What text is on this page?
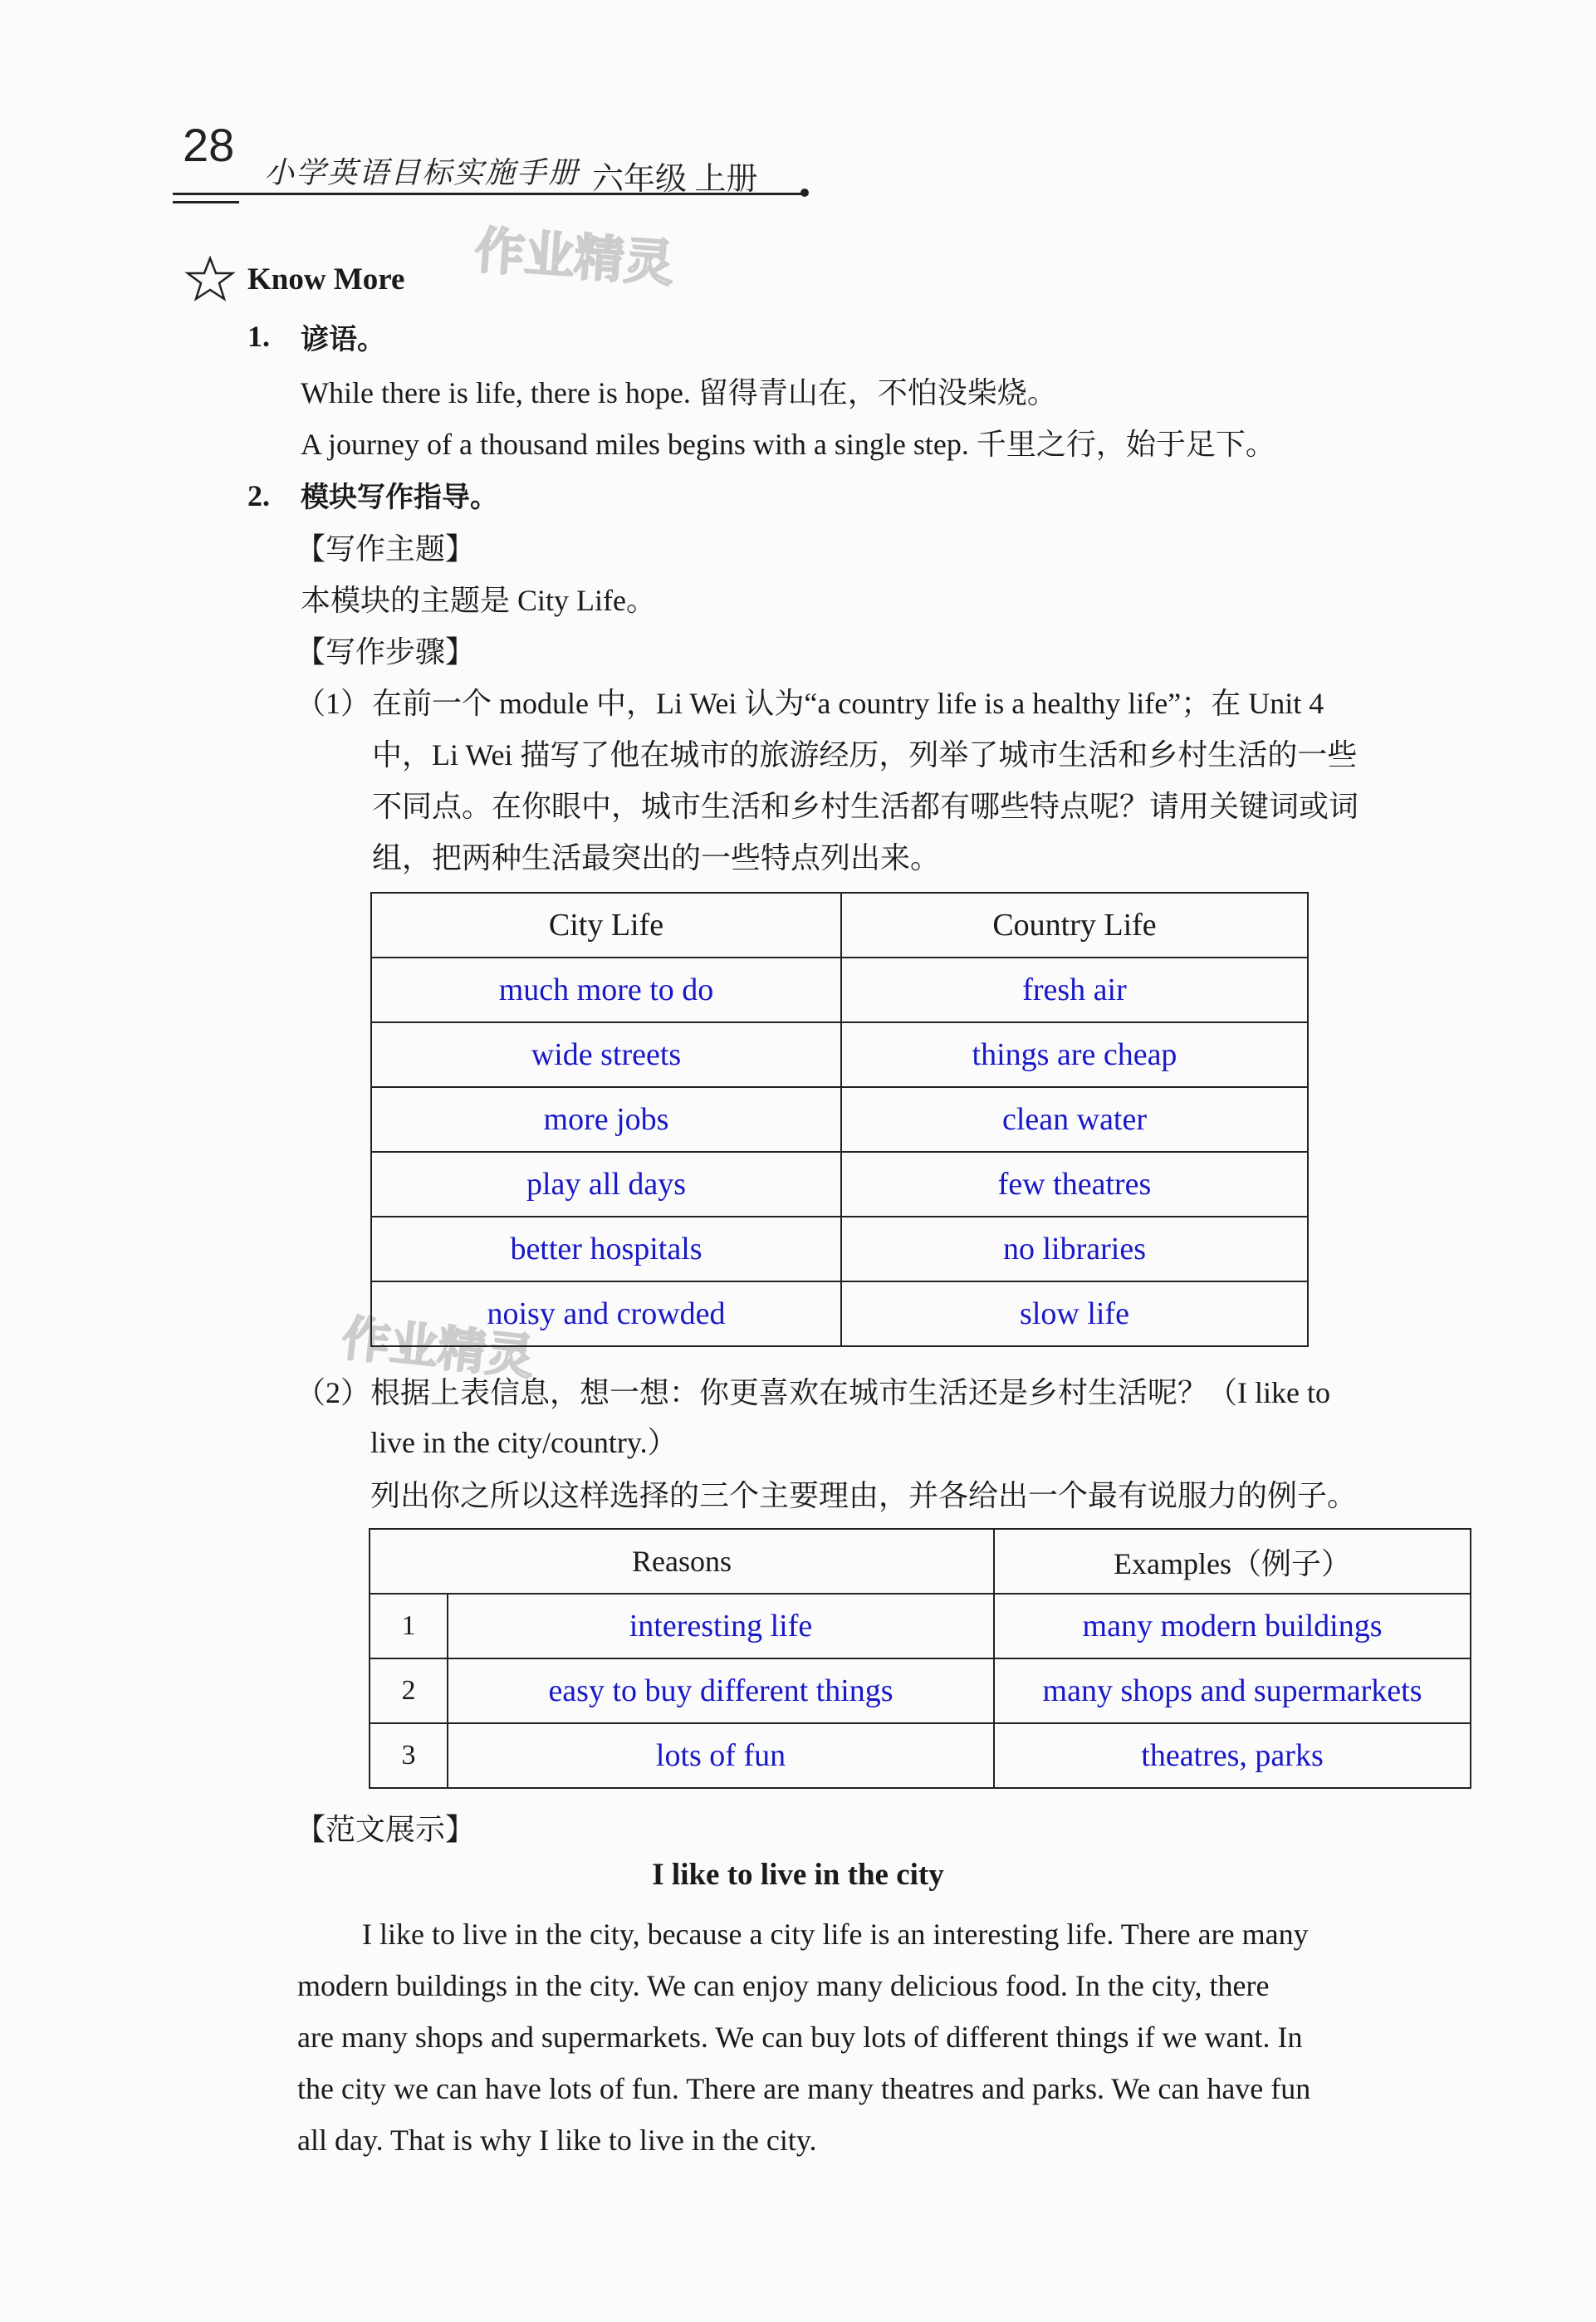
28
小学英语目标实施手册 六年级 上册
作业精灵
作业精灵
Know More
1. 谚语。
While there is life, there is hope. 留得青山在，不怕没柴烧。
A journey of a thousand miles begins with a single step. 千里之行，始于足下。
2. 模块写作指导。
【写作主题】
本模块的主题是 City Life。
【写作步骤】
（1） 在前一个 module 中，Li Wei 认为“a country life is a healthy life”；在 Unit 4
中，Li Wei 描写了他在城市的旅游经历，列举了城市生活和乡村生活的一些
不同点。在你眼中，城市生活和乡村生活都有哪些特点呢？请用关键词或词
组，把两种生活最突出的一些特点列出来。
City Life	Country Life
much more to do	fresh air
wide streets	things are cheap
more jobs	clean water
play all days	few theatres
better hospitals	no libraries
noisy and crowded	slow life
（2） 根据上表信息，想一想：你更喜欢在城市生活还是乡村生活呢？（I like to
live in the city/country.）
列出你之所以这样选择的三个主要理由，并各给出一个最有说服力的例子。
Reasons		Examples（例子）
1	interesting life	many modern buildings
2	easy to buy different things	many shops and supermarkets
3	lots of fun	theatres, parks
【范文展示】
I like to live in the city
I like to live in the city, because a city life is an interesting life. There are many
modern buildings in the city. We can enjoy many delicious food. In the city, there
are many shops and supermarkets. We can buy lots of different things if we want. In
the city we can have lots of fun. There are many theatres and parks. We can have fun
all day. That is why I like to live in the city.
